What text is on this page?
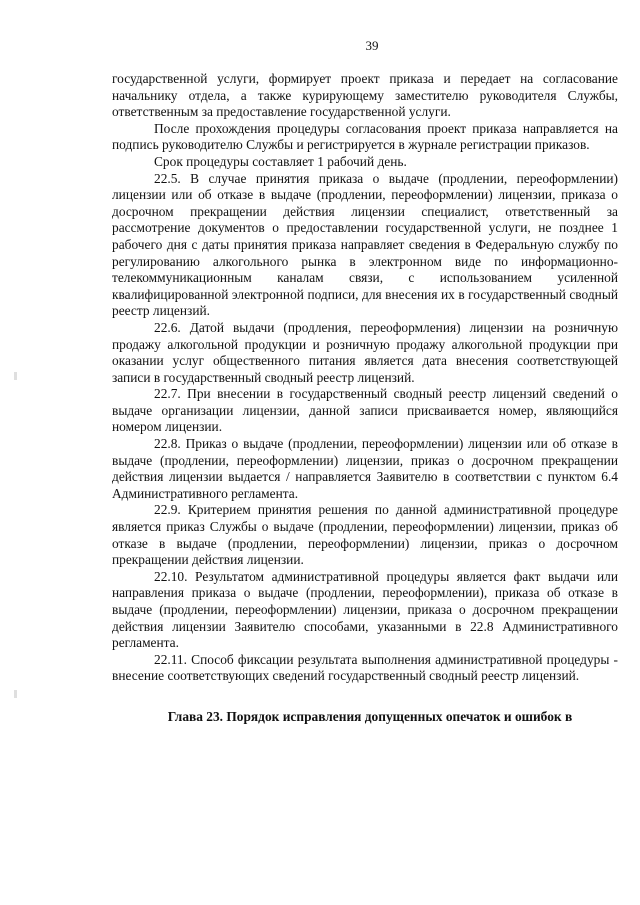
39

государственной услуги, формирует проект приказа и передает на согласование начальнику отдела, а также курирующему заместителю руководителя Службы, ответственным за предоставление государственной услуги.

После прохождения процедуры согласования проект приказа направляется на подпись руководителю Службы и регистрируется в журнале регистрации приказов.

Срок процедуры составляет 1 рабочий день.

22.5. В случае принятия приказа о выдаче (продлении, переоформлении) лицензии или об отказе в выдаче (продлении, переоформлении) лицензии, приказа о досрочном прекращении действия лицензии специалист, ответственный за рассмотрение документов о предоставлении государственной услуги, не позднее 1 рабочего дня с даты принятия приказа направляет сведения в Федеральную службу по регулированию алкогольного рынка в электронном виде по информационно-телекоммуникационным каналам связи, с использованием усиленной квалифицированной электронной подписи, для внесения их в государственный сводный реестр лицензий.

22.6. Датой выдачи (продления, переоформления) лицензии на розничную продажу алкогольной продукции и розничную продажу алкогольной продукции при оказании услуг общественного питания является дата внесения соответствующей записи в государственный сводный реестр лицензий.

22.7. При внесении в государственный сводный реестр лицензий сведений о выдаче организации лицензии, данной записи присваивается номер, являющийся номером лицензии.

22.8. Приказ о выдаче (продлении, переоформлении) лицензии или об отказе в выдаче (продлении, переоформлении) лицензии, приказ о досрочном прекращении действия лицензии выдается / направляется Заявителю в соответствии с пунктом 6.4 Административного регламента.

22.9. Критерием принятия решения по данной административной процедуре является приказ Службы о выдаче (продлении, переоформлении) лицензии, приказ об отказе в выдаче (продлении, переоформлении) лицензии, приказ о досрочном прекращении действия лицензии.

22.10. Результатом административной процедуры является факт выдачи или направления приказа о выдаче (продлении, переоформлении), приказа об отказе в выдаче (продлении, переоформлении) лицензии, приказа о досрочном прекращении действия лицензии Заявителю способами, указанными в 22.8 Административного регламента.

22.11. Способ фиксации результата выполнения административной процедуры - внесение соответствующих сведений государственный сводный реестр лицензий.

Глава 23. Порядок исправления допущенных опечаток и ошибок в
